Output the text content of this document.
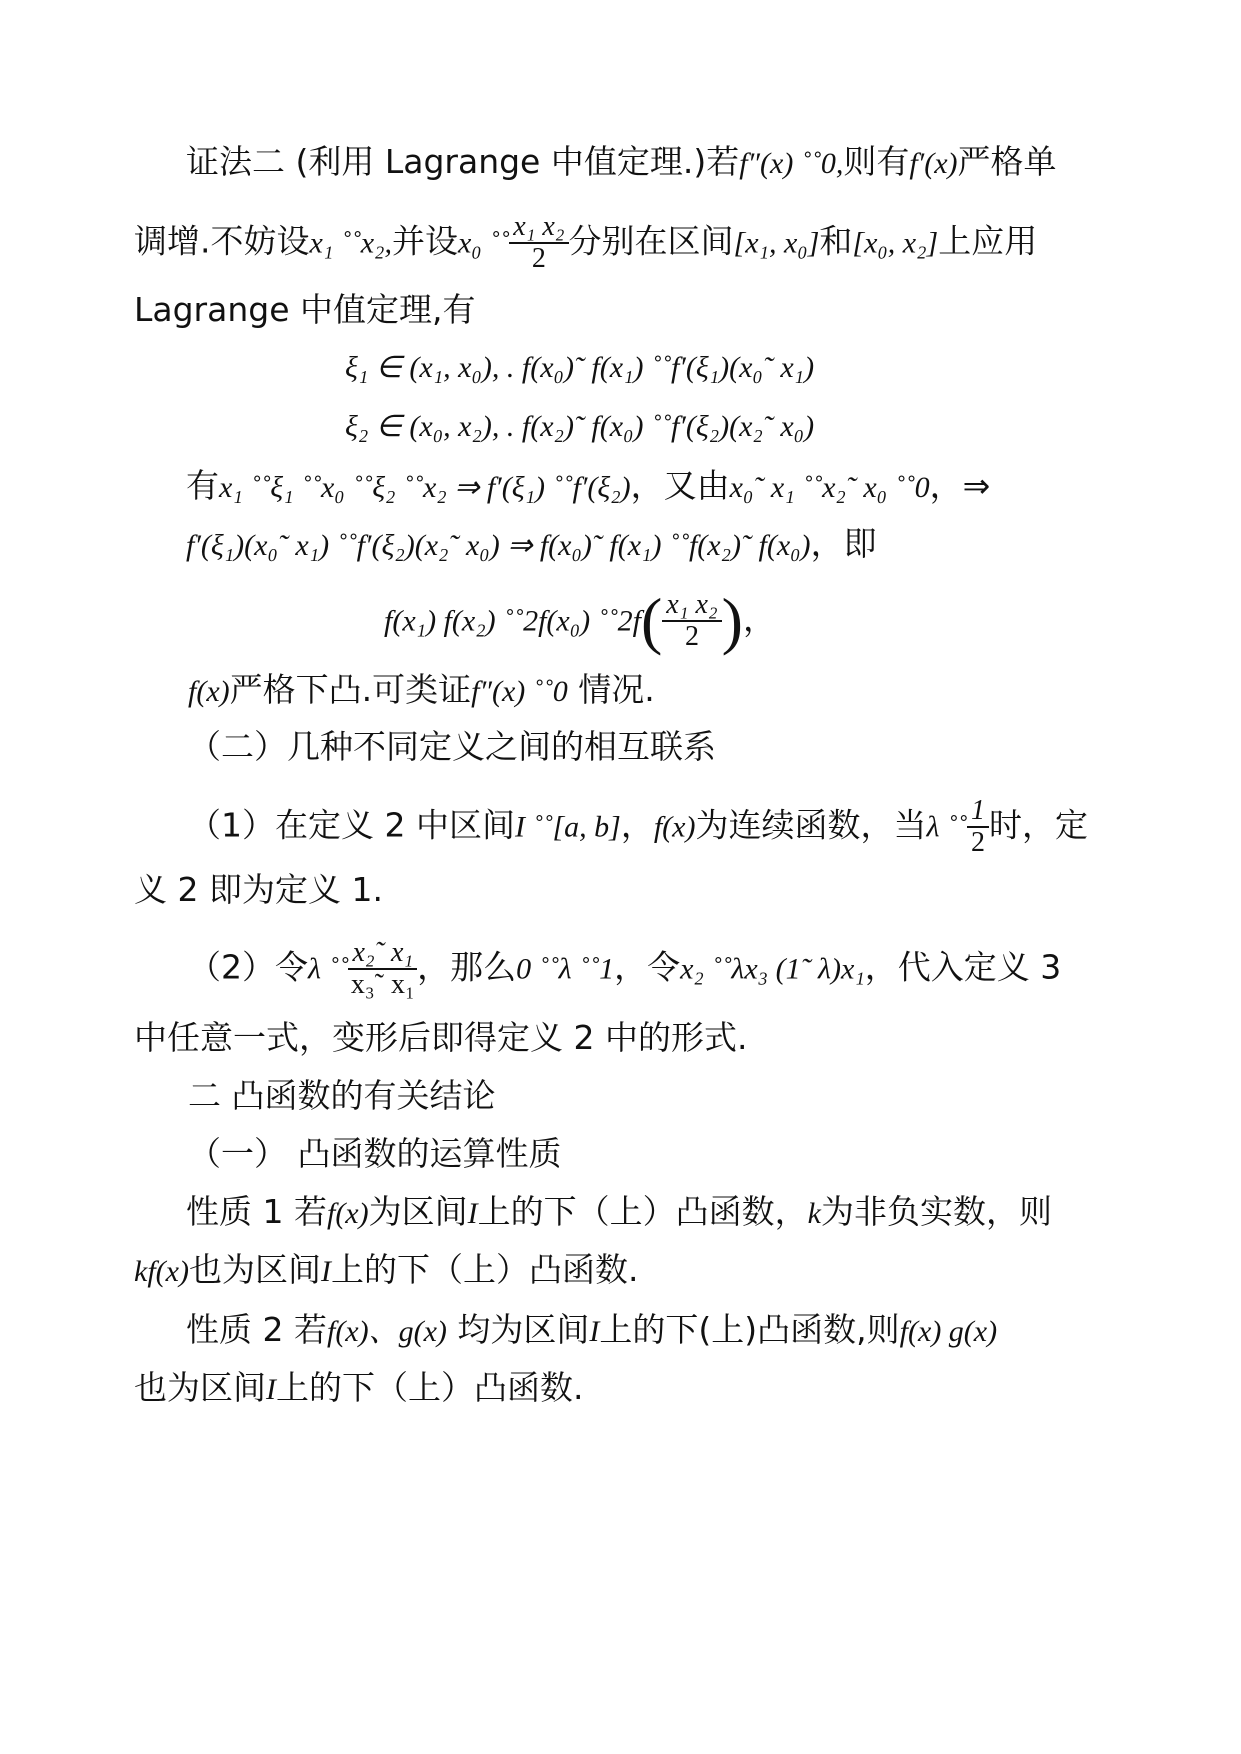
证法二 (利用 Lagrange 中值定理.)若f″(x) ˚˚0,则有f′(x)严格单
调增.不妨设x₁ ˚˚x₂,并设x₀ ˚˚ $\frac{\text{x₁ x₂}}{2}$ 分别在区间[x₁, x₀]和[x₀, x₂]上应用
Lagrange 中值定理,有
ξ₁ ∈ (x₁, x₀), . f(x₀)˜ f(x₁) ˚˚f′(ξ₁)(x₀˜ x₁)
ξ₂ ∈ (x₀, x₂), . f(x₂)˜ f(x₀) ˚˚f′(ξ₂)(x₂˜ x₀)
有x₁ ˚˚ξ₁ ˚˚x₀ ˚˚ξ₂ ˚˚x₂ ⇒ f′(ξ₁) ˚˚f′(ξ₂)，又由x₀˜ x₁ ˚˚x₂˜ x₀ ˚˚0，⇒
f′(ξ₁)(x₀˜ x₁) ˚˚f′(ξ₂)(x₂˜ x₀) ⇒ f(x₀)˜ f(x₁) ˚˚f(x₂)˜ f(x₀)，即
f(x₁) f(x₂) ˚˚2f(x₀) ˚˚2f( $\frac{\text{x₁ x₂}}{2}$ )，
f(x)严格下凸.可类证f″(x) ˚˚0 情况.
（二）几种不同定义之间的相互联系
（1）在定义 2 中区间I ˚˚[a, b]，f(x)为连续函数，当λ ˚˚ $\frac{1}{2}$ 时，定
义 2 即为定义 1.
（2）令λ ˚˚ $\frac{\text{x₂˜ x₁}}{\text{x₃˜ x₁}}$ ，那么0 ˚˚λ ˚˚1，令x₂ ˚˚λx₃ (1˜ λ)x₁，代入定义 3
中任意一式，变形后即得定义 2 中的形式.
二 凸函数的有关结论
（一） 凸函数的运算性质
性质 1 若f(x)为区间I上的下（上）凸函数，k为非负实数，则
kf(x)也为区间I上的下（上）凸函数.
性质 2 若f(x)、g(x) 均为区间I上的下(上)凸函数,则f(x) g(x)
也为区间I上的下（上）凸函数.
